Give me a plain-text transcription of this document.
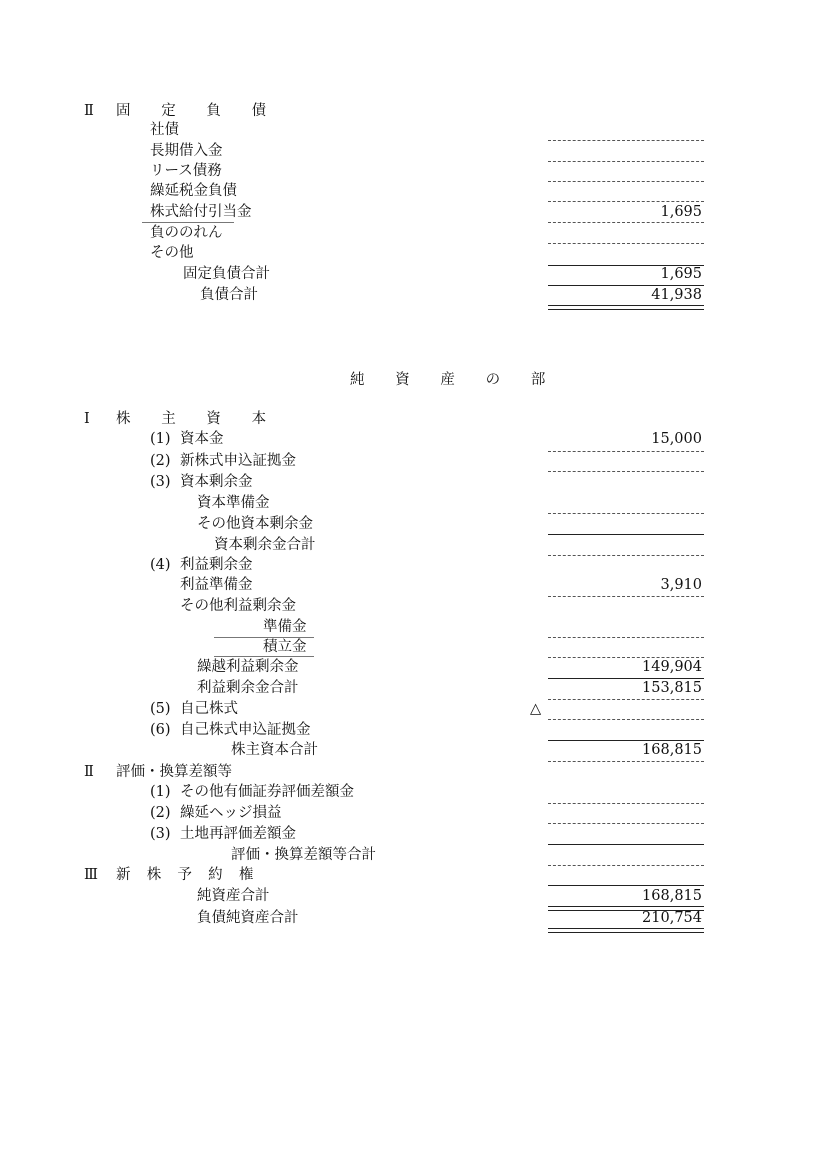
Ⅱ 固 定 負 債
社債
長期借入金
リース債務
繰延税金負債
株式給付引当金	1,695
負ののれん
その他
固定負債合計	1,695
負債合計	41,938
純 資 産 の 部
Ⅰ 株 主 資 本
(1) 資本金	15,000
(2) 新株式申込証拠金
(3) 資本剰余金
資本準備金
その他資本剰余金
資本剰余金合計
(4) 利益剰余金
利益準備金	3,910
その他利益剰余金
準備金
積立金
繰越利益剰余金	149,904
利益剰余金合計	153,815
(5) 自己株式	△
(6) 自己株式申込証拠金
株主資本合計	168,815
Ⅱ 評価・換算差額等
(1) その他有価証券評価差額金
(2) 繰延ヘッジ損益
(3) 土地再評価差額金
評価・換算差額等合計
Ⅲ 新 株 予 約 権
純資産合計	168,815
負債純資産合計	210,754
